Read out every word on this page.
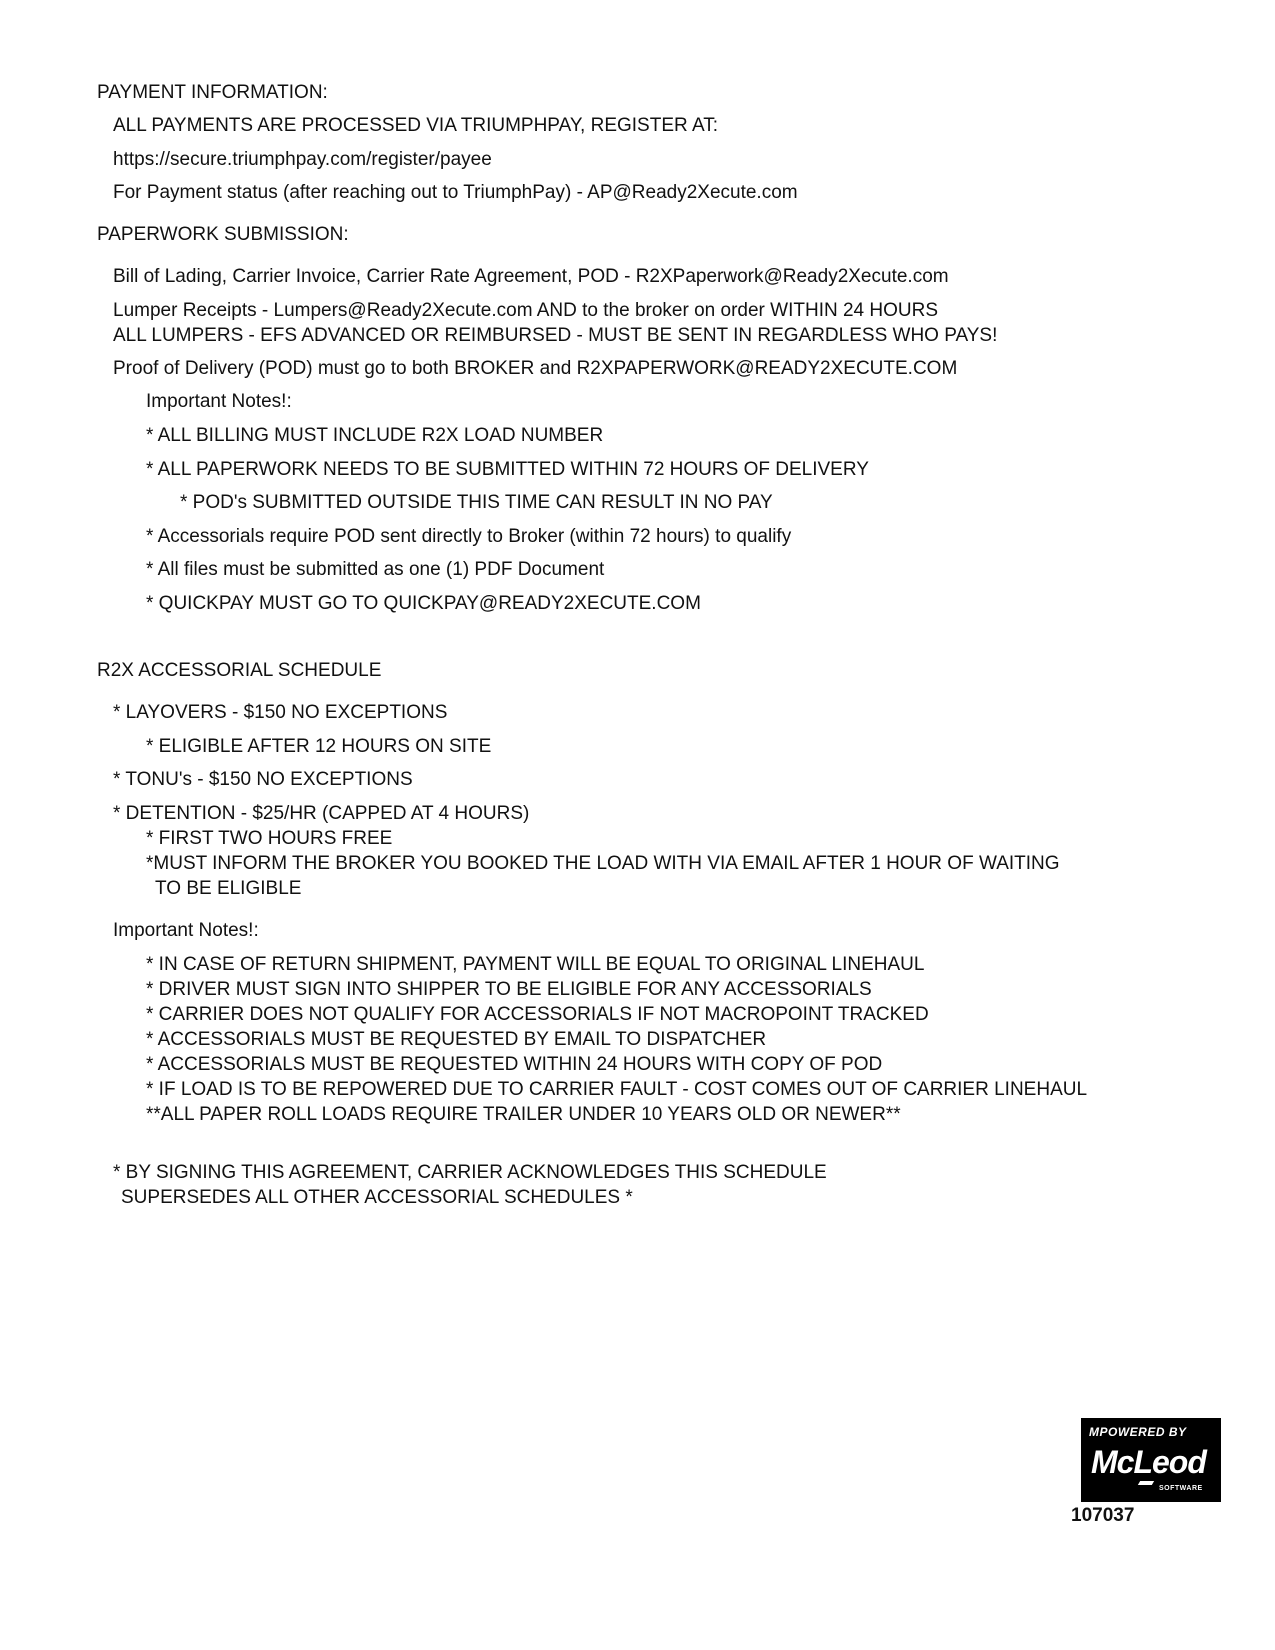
PAYMENT INFORMATION:
ALL PAYMENTS ARE PROCESSED VIA TRIUMPHPAY, REGISTER AT:
https://secure.triumphpay.com/register/payee
For Payment status (after reaching out to TriumphPay) - AP@Ready2Xecute.com
PAPERWORK SUBMISSION:
Bill of Lading, Carrier Invoice, Carrier Rate Agreement, POD - R2XPaperwork@Ready2Xecute.com
Lumper Receipts - Lumpers@Ready2Xecute.com AND to the broker on order WITHIN 24 HOURS
ALL LUMPERS - EFS ADVANCED OR REIMBURSED - MUST BE SENT IN REGARDLESS WHO PAYS!
Proof of Delivery (POD) must go to both BROKER and R2XPAPERWORK@READY2XECUTE.COM
Important Notes!:
* ALL BILLING MUST INCLUDE R2X LOAD NUMBER
* ALL PAPERWORK NEEDS TO BE SUBMITTED WITHIN 72 HOURS OF DELIVERY
* POD's SUBMITTED OUTSIDE THIS TIME CAN RESULT IN NO PAY
* Accessorials require POD sent directly to Broker (within 72 hours) to qualify
* All files must be submitted as one (1) PDF Document
* QUICKPAY MUST GO TO QUICKPAY@READY2XECUTE.COM
R2X ACCESSORIAL SCHEDULE
* LAYOVERS - $150 NO EXCEPTIONS
* ELIGIBLE AFTER 12 HOURS ON SITE
* TONU's - $150 NO EXCEPTIONS
* DETENTION - $25/HR (CAPPED AT 4 HOURS)
* FIRST TWO HOURS FREE
*MUST INFORM THE BROKER YOU BOOKED THE LOAD WITH VIA EMAIL AFTER 1 HOUR OF WAITING
TO BE ELIGIBLE
Important Notes!:
* IN CASE OF RETURN SHIPMENT, PAYMENT WILL BE EQUAL TO ORIGINAL LINEHAUL
* DRIVER MUST SIGN INTO SHIPPER TO BE ELIGIBLE FOR ANY ACCESSORIALS
* CARRIER DOES NOT QUALIFY FOR ACCESSORIALS IF NOT MACROPOINT TRACKED
* ACCESSORIALS MUST BE REQUESTED BY EMAIL TO DISPATCHER
* ACCESSORIALS MUST BE REQUESTED WITHIN 24 HOURS WITH COPY OF POD
* IF LOAD IS TO BE REPOWERED DUE TO CARRIER FAULT - COST COMES OUT OF CARRIER LINEHAUL
**ALL PAPER ROLL LOADS REQUIRE TRAILER UNDER 10 YEARS OLD OR NEWER**
* BY SIGNING THIS AGREEMENT, CARRIER ACKNOWLEDGES THIS SCHEDULE
SUPERSEDES ALL OTHER ACCESSORIAL SCHEDULES *
MPOWERED BY
McLeod
SOFTWARE
107037
